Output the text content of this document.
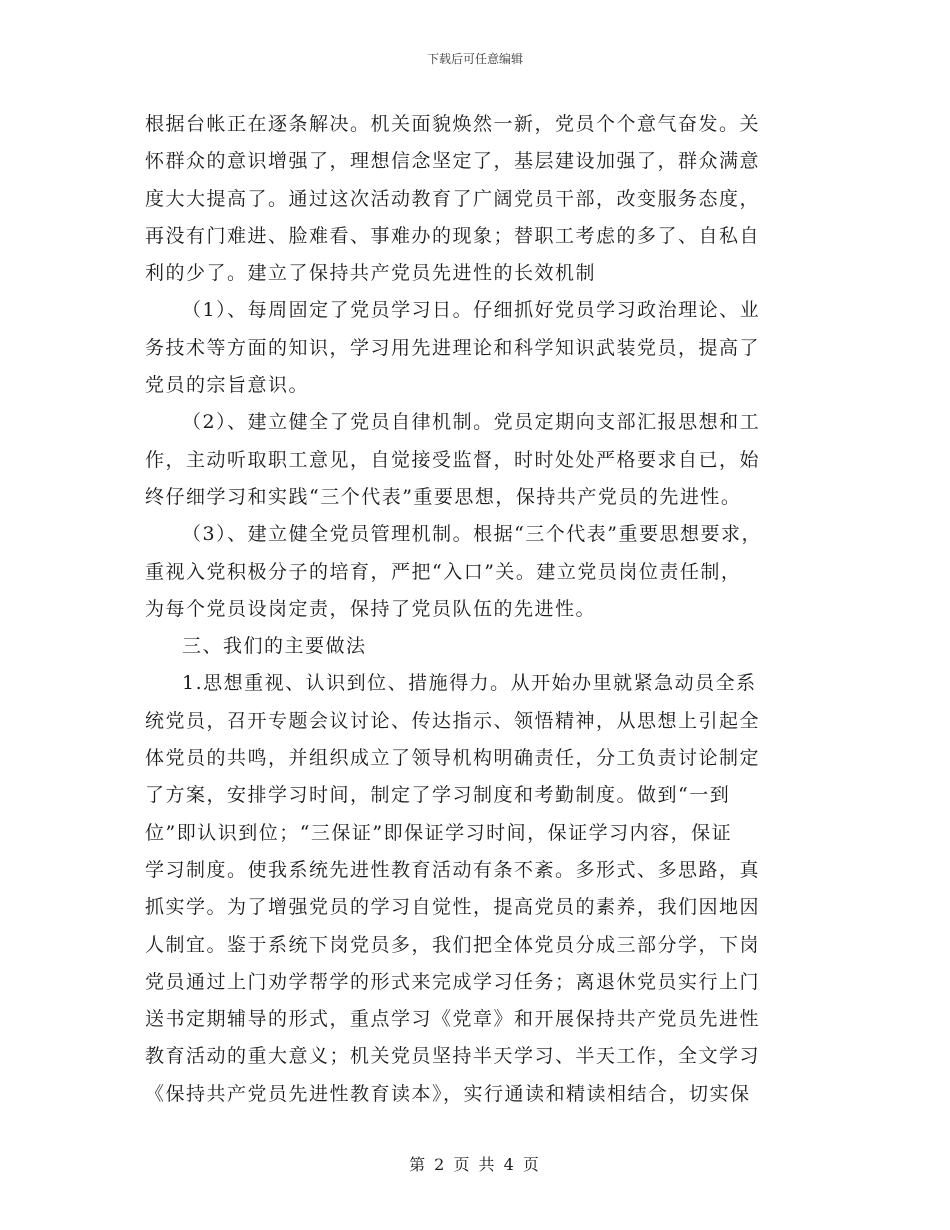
下载后可任意编辑
根据台帐正在逐条解决。机关面貌焕然一新，党员个个意气奋发。关
怀群众的意识增强了，理想信念坚定了，基层建设加强了，群众满意
度大大提高了。通过这次活动教育了广阔党员干部，改变服务态度，
再没有门难进、脸难看、事难办的现象；替职工考虑的多了、自私自
利的少了。建立了保持共产党员先进性的长效机制
（1）、每周固定了党员学习日。仔细抓好党员学习政治理论、业
务技术等方面的知识，学习用先进理论和科学知识武装党员，提高了
党员的宗旨意识。
（2）、建立健全了党员自律机制。党员定期向支部汇报思想和工
作，主动听取职工意见，自觉接受监督，时时处处严格要求自已，始
终仔细学习和实践“三个代表”重要思想，保持共产党员的先进性。
（3）、建立健全党员管理机制。根据“三个代表”重要思想要求，
重视入党积极分子的培育，严把“入口”关。建立党员岗位责任制，
为每个党员设岗定责，保持了党员队伍的先进性。
三、我们的主要做法
1.思想重视、认识到位、措施得力。从开始办里就紧急动员全系
统党员，召开专题会议讨论、传达指示、领悟精神，从思想上引起全
体党员的共鸣，并组织成立了领导机构明确责任，分工负责讨论制定
了方案，安排学习时间，制定了学习制度和考勤制度。做到“一到
位”即认识到位；“三保证”即保证学习时间，保证学习内容，保证
学习制度。使我系统先进性教育活动有条不紊。多形式、多思路，真
抓实学。为了增强党员的学习自觉性，提高党员的素养，我们因地因
人制宜。鉴于系统下岗党员多，我们把全体党员分成三部分学，下岗
党员通过上门劝学帮学的形式来完成学习任务；离退休党员实行上门
送书定期辅导的形式，重点学习《党章》和开展保持共产党员先进性
教育活动的重大意义；机关党员坚持半天学习、半天工作，全文学习
《保持共产党员先进性教育读本》，实行通读和精读相结合，切实保
第 2 页 共 4 页
